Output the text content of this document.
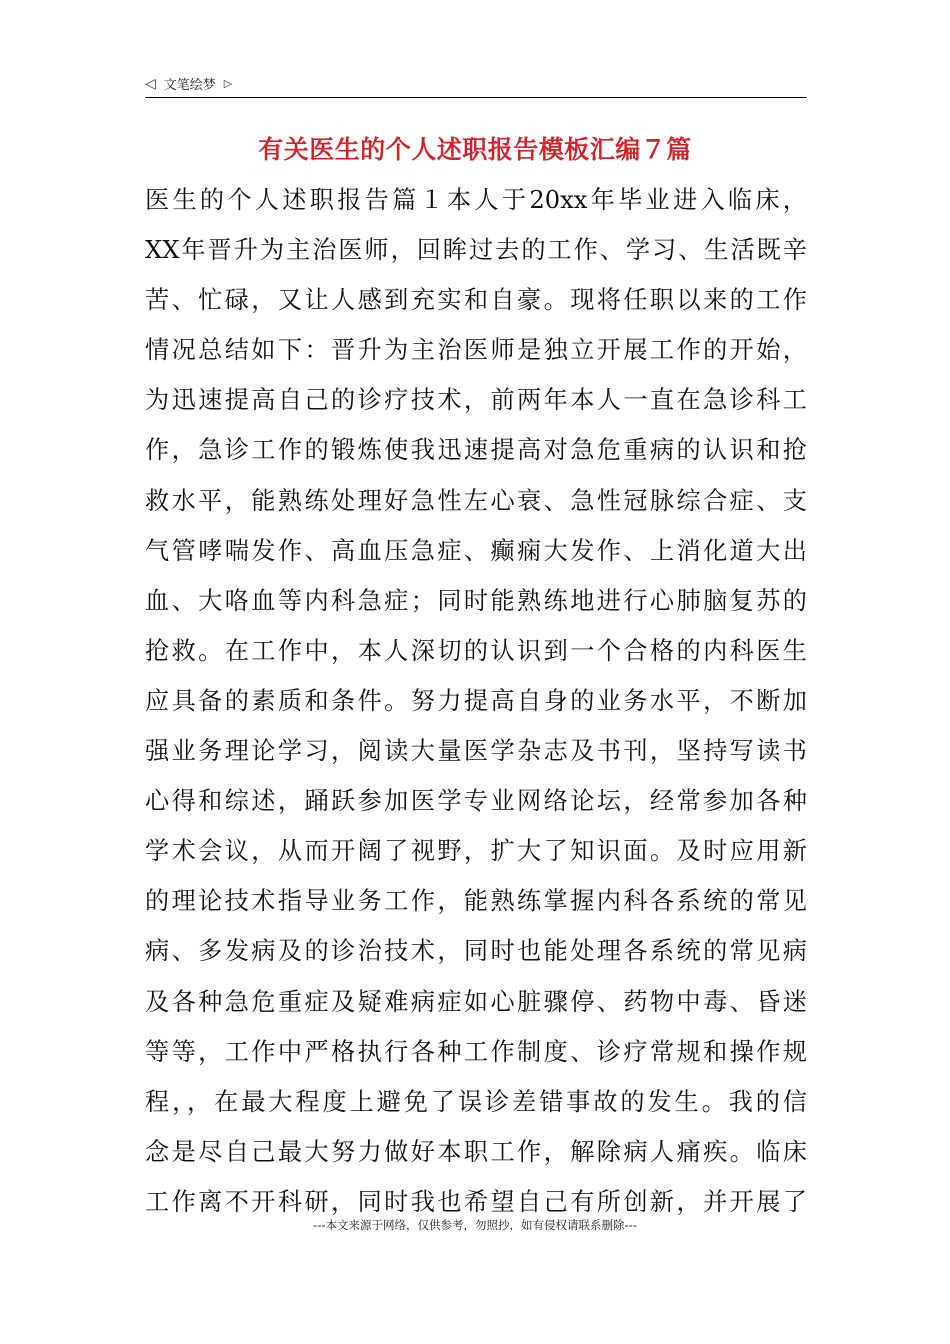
◁ 文笔绘梦 ▷
有关医生的个人述职报告模板汇编７篇
医生的个人述职报告篇１本人于20xx年毕业进入临床，
XX年晋升为主治医师，回眸过去的工作、学习、生活既辛
苦、忙碌，又让人感到充实和自豪。现将任职以来的工作
情况总结如下：晋升为主治医师是独立开展工作的开始，
为迅速提高自己的诊疗技术，前两年本人一直在急诊科工
作，急诊工作的锻炼使我迅速提高对急危重病的认识和抢
救水平，能熟练处理好急性左心衰、急性冠脉综合症、支
气管哮喘发作、高血压急症、癫痫大发作、上消化道大出
血、大咯血等内科急症；同时能熟练地进行心肺脑复苏的
抢救。在工作中，本人深切的认识到一个合格的内科医生
应具备的素质和条件。努力提高自身的业务水平，不断加
强业务理论学习，阅读大量医学杂志及书刊，坚持写读书
心得和综述，踊跃参加医学专业网络论坛，经常参加各种
学术会议，从而开阔了视野，扩大了知识面。及时应用新
的理论技术指导业务工作，能熟练掌握内科各系统的常见
病、多发病及的诊治技术，同时也能处理各系统的常见病
及各种急危重症及疑难病症如心脏骤停、药物中毒、昏迷
等等，工作中严格执行各种工作制度、诊疗常规和操作规
程，，在最大程度上避免了误诊差错事故的发生。我的信
念是尽自己最大努力做好本职工作，解除病人痛疾。临床
工作离不开科研，同时我也希望自己有所创新，并开展了
---本文来源于网络，仅供参考，勿照抄，如有侵权请联系删除---
